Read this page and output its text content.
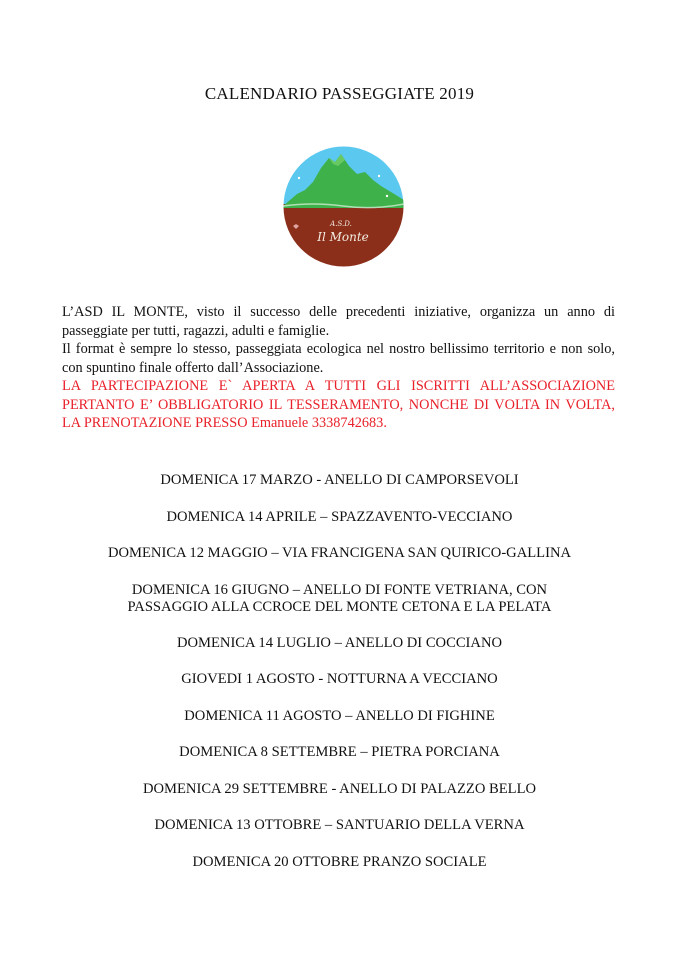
CALENDARIO PASSEGGIATE 2019
A.S.D.
Il Monte

L’ASD IL MONTE, visto il successo delle precedenti iniziative, organizza un anno di passeggiate per tutti, ragazzi, adulti e famiglie.

Il format è sempre lo stesso, passeggiata ecologica nel nostro bellissimo territorio e non solo, con spuntino finale offerto dall’Associazione.

LA PARTECIPAZIONE E` APERTA A TUTTI GLI ISCRITTI ALL’ASSOCIAZIONE PERTANTO E’ OBBLIGATORIO IL TESSERAMENTO, NONCHE DI VOLTA IN VOLTA, LA PRENOTAZIONE PRESSO Emanuele 3338742683.

DOMENICA 17 MARZO - ANELLO DI CAMPORSEVOLI
DOMENICA 14 APRILE – SPAZZAVENTO-VECCIANO
DOMENICA 12 MAGGIO – VIA FRANCIGENA SAN QUIRICO-GALLINA
DOMENICA 16 GIUGNO – ANELLO DI FONTE VETRIANA, CON
PASSAGGIO ALLA CCROCE DEL MONTE CETONA E LA PELATA
DOMENICA 14 LUGLIO – ANELLO DI COCCIANO
GIOVEDI 1 AGOSTO - NOTTURNA A VECCIANO
DOMENICA 11 AGOSTO – ANELLO DI FIGHINE
DOMENICA 8 SETTEMBRE – PIETRA PORCIANA
DOMENICA 29 SETTEMBRE - ANELLO DI PALAZZO BELLO
DOMENICA 13 OTTOBRE – SANTUARIO DELLA VERNA
DOMENICA 20 OTTOBRE PRANZO SOCIALE
